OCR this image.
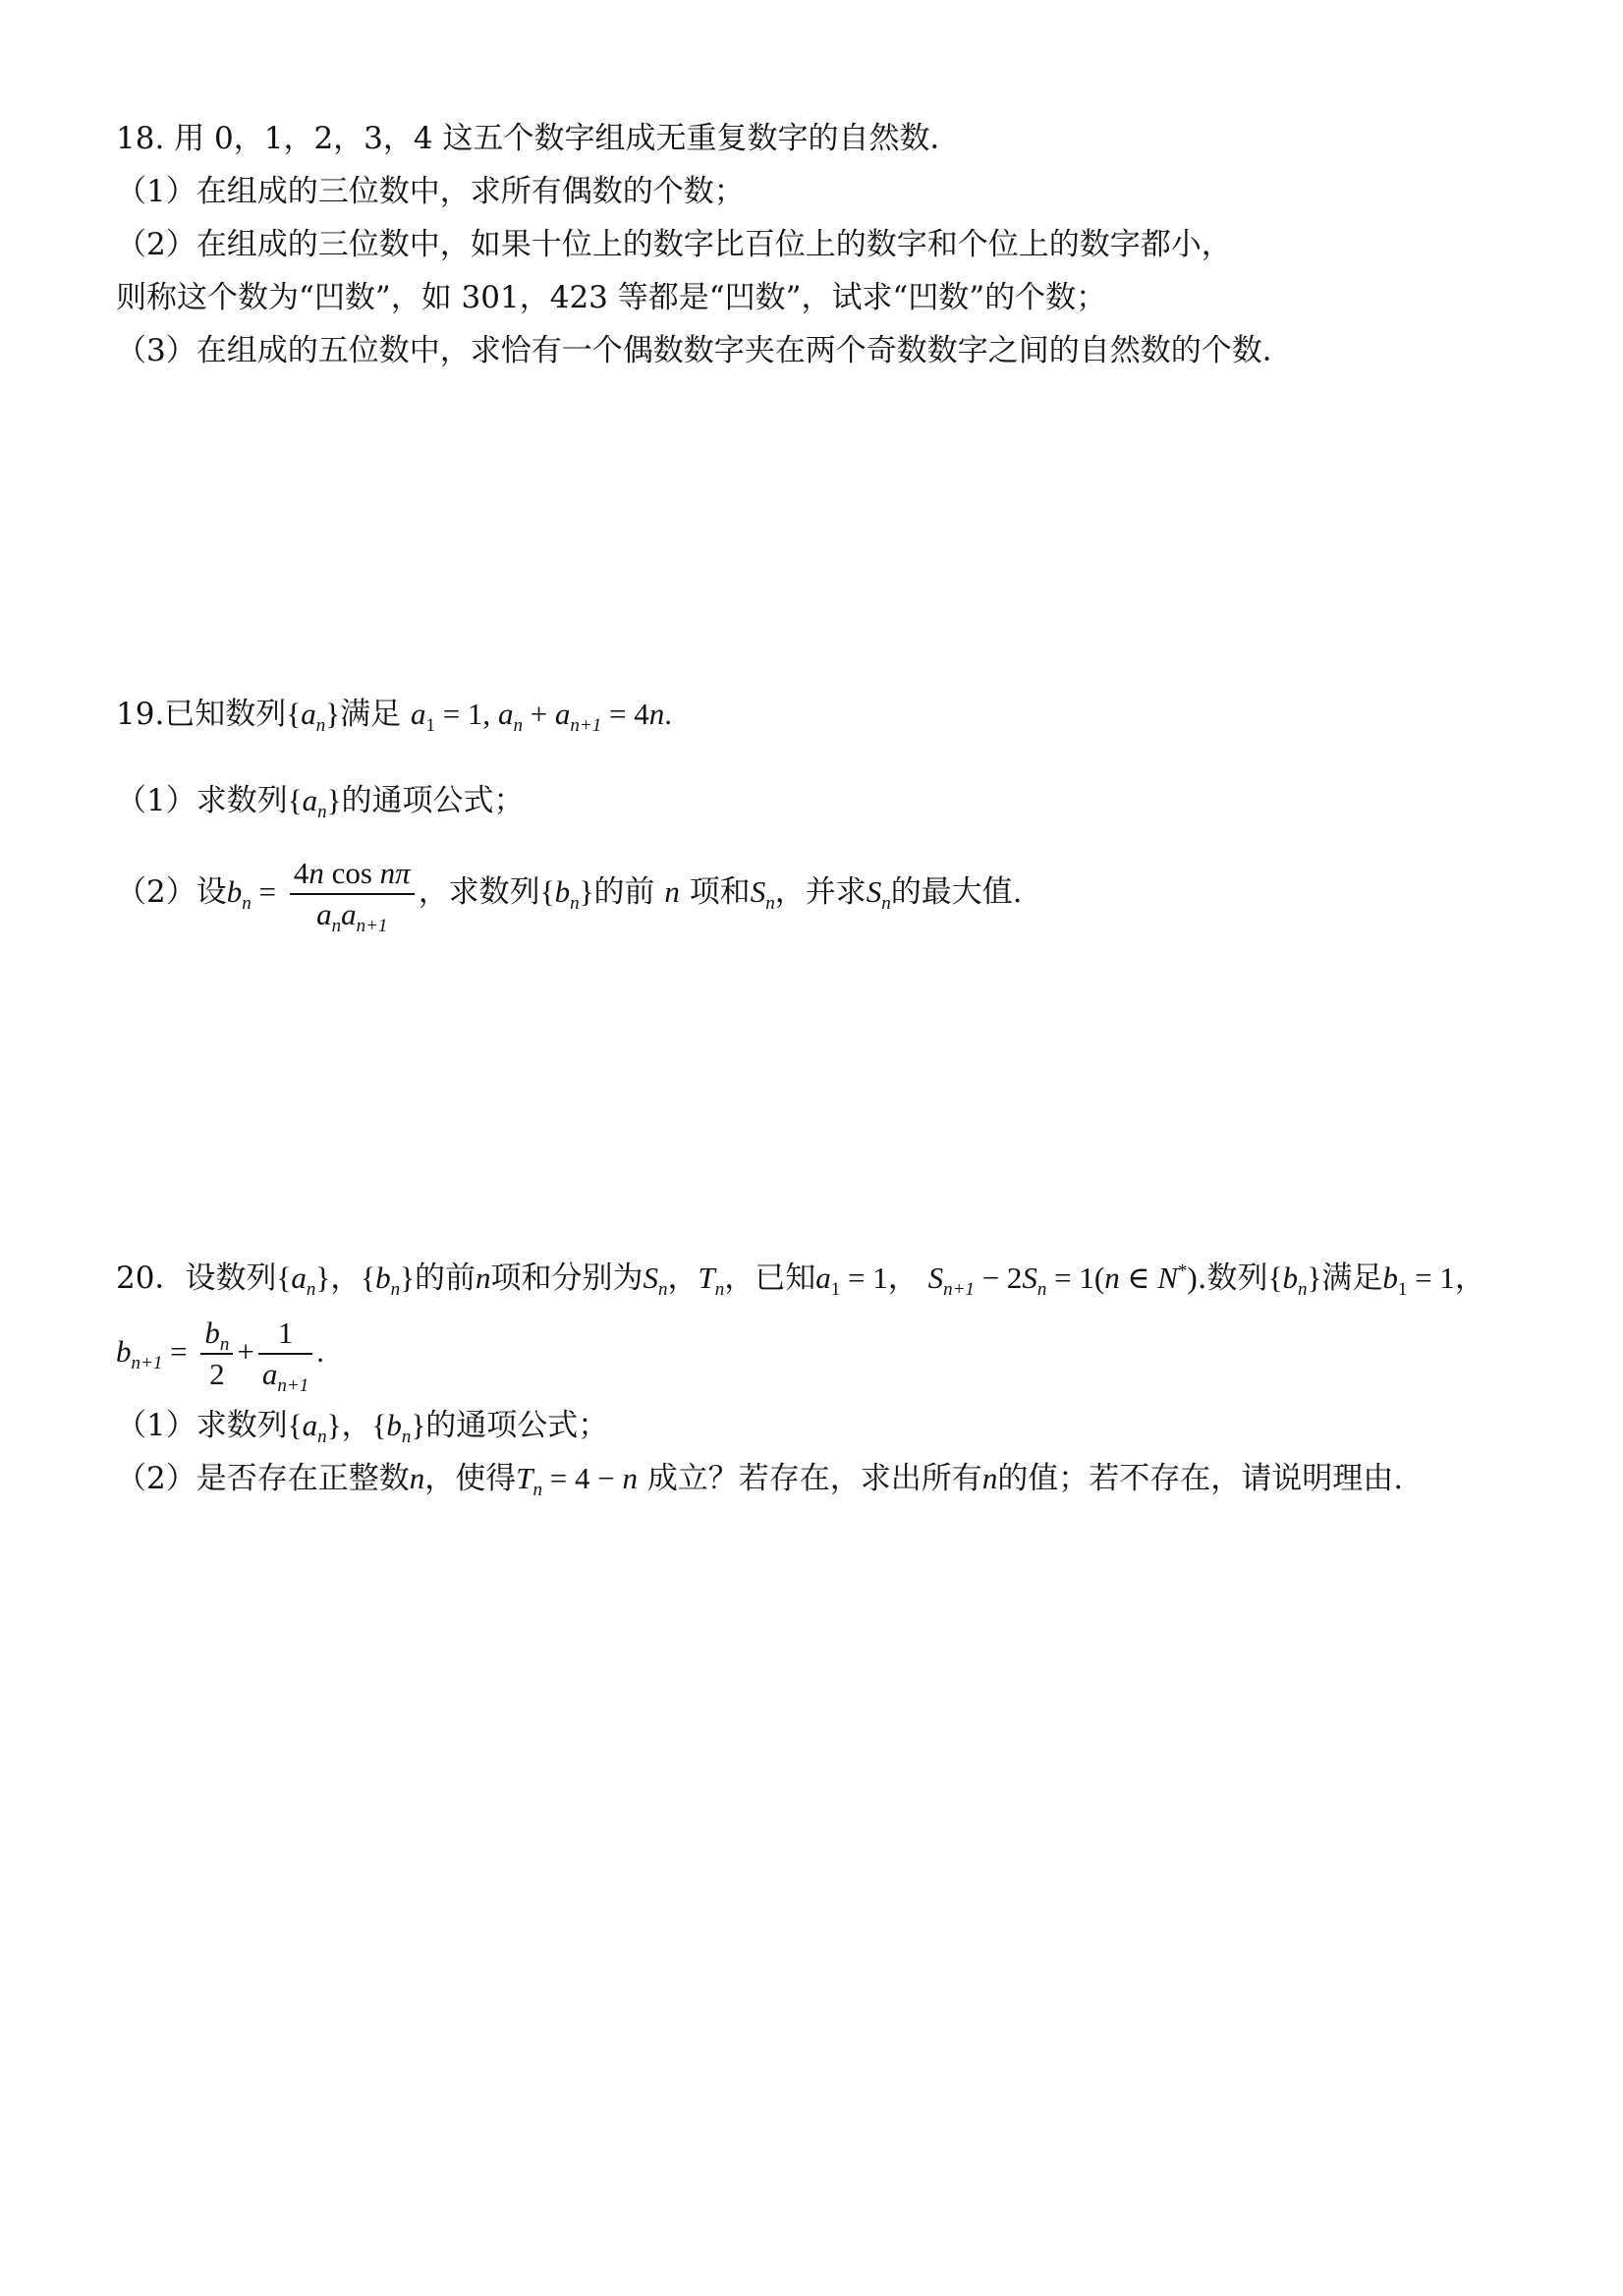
18. 用 0，1，2，3，4 这五个数字组成无重复数字的自然数．
（1）在组成的三位数中，求所有偶数的个数；
（2）在组成的三位数中，如果十位上的数字比百位上的数字和个位上的数字都小，
则称这个数为“凹数”，如 301，423 等都是“凹数”，试求“凹数”的个数；
（3）在组成的五位数中，求恰有一个偶数数字夹在两个奇数数字之间的自然数的个数．
19.已知数列$\{a_n\}$满足 $a_1 = 1$, $a_n + a_{n+1} = 4n$.
（1）求数列$\{a_n\}$的通项公式；
（2）设$b_n = \frac{\text{4n cos nπ}}{a_na_{n+1}}$ ，求数列$\{b_n\}$的前 n 项和$S_n$，并求$S_n$的最大值.
20．设数列$\{a_n\}$，$\{b_n\}$的前n项和分别为$S_n$，$T_n$，已知$a_1 = 1$， $S_{n+1} - 2S_n = 1(n$ ∈ N*).数列$\{b_n\}$满足$b_1 = 1$，
$b_{n+1} = \frac{b_n}{2} + \frac{1}{a_{n+1}}$ .
（1）求数列$\{a_n\}$，$\{b_n\}$的通项公式；
（2）是否存在正整数n，使得$T_n = 4 - n$ 成立？若存在，求出所有n的值；若不存在，请说明理由.
